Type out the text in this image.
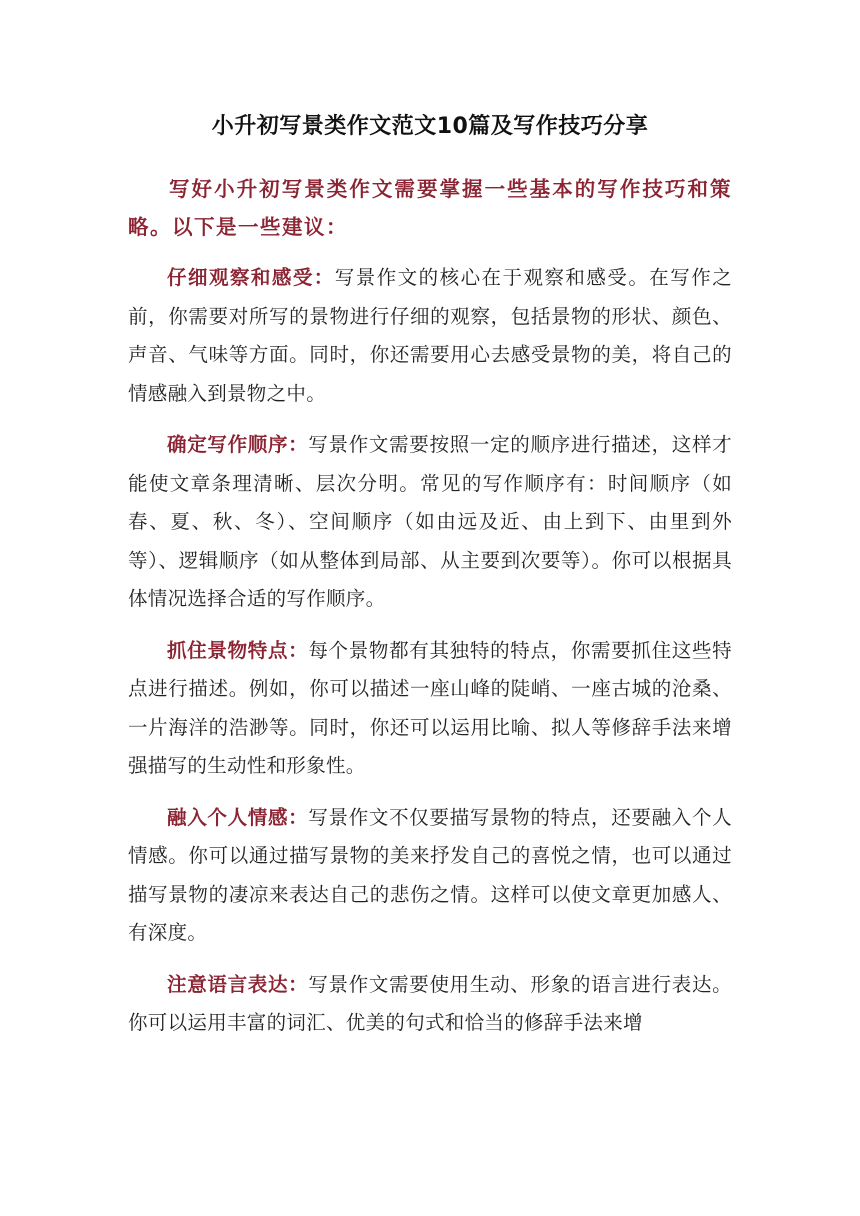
小升初写景类作文范文10篇及写作技巧分享

写好小升初写景类作文需要掌握一些基本的写作技巧和策略。以下是一些建议：

仔细观察和感受：写景作文的核心在于观察和感受。在写作之前，你需要对所写的景物进行仔细的观察，包括景物的形状、颜色、声音、气味等方面。同时，你还需要用心去感受景物的美，将自己的情感融入到景物之中。

确定写作顺序：写景作文需要按照一定的顺序进行描述，这样才能使文章条理清晰、层次分明。常见的写作顺序有：时间顺序（如春、夏、秋、冬）、空间顺序（如由远及近、由上到下、由里到外等）、逻辑顺序（如从整体到局部、从主要到次要等）。你可以根据具体情况选择合适的写作顺序。

抓住景物特点：每个景物都有其独特的特点，你需要抓住这些特点进行描述。例如，你可以描述一座山峰的陡峭、一座古城的沧桑、一片海洋的浩渺等。同时，你还可以运用比喻、拟人等修辞手法来增强描写的生动性和形象性。

融入个人情感：写景作文不仅要描写景物的特点，还要融入个人情感。你可以通过描写景物的美来抒发自己的喜悦之情，也可以通过描写景物的凄凉来表达自己的悲伤之情。这样可以使文章更加感人、有深度。

注意语言表达：写景作文需要使用生动、形象的语言进行表达。你可以运用丰富的词汇、优美的句式和恰当的修辞手法来增
